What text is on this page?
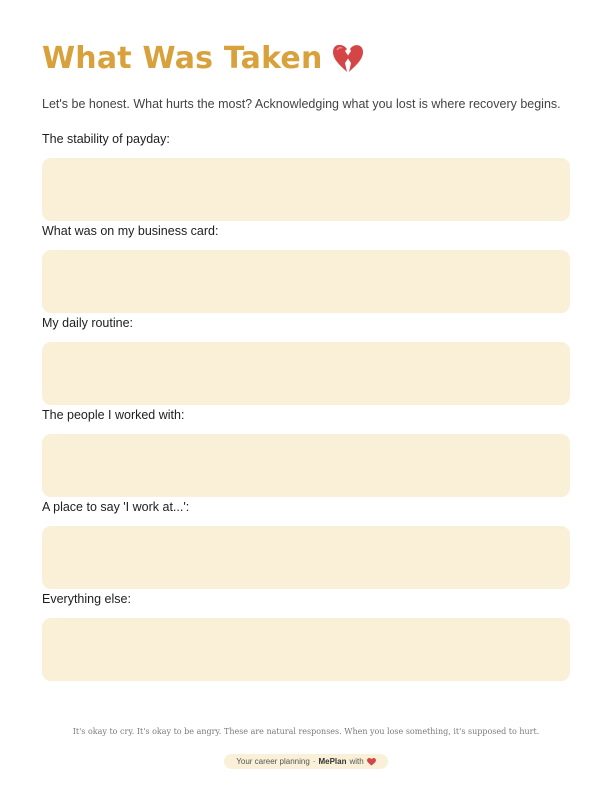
What Was Taken
Let's be honest. What hurts the most? Acknowledging what you lost is where recovery begins.
The stability of payday:
What was on my business card:
My daily routine:
The people I worked with:
A place to say 'I work at...':
Everything else:
It's okay to cry. It's okay to be angry. These are natural responses. When you lose something, it's supposed to hurt.
Your career planning · MePlan with
